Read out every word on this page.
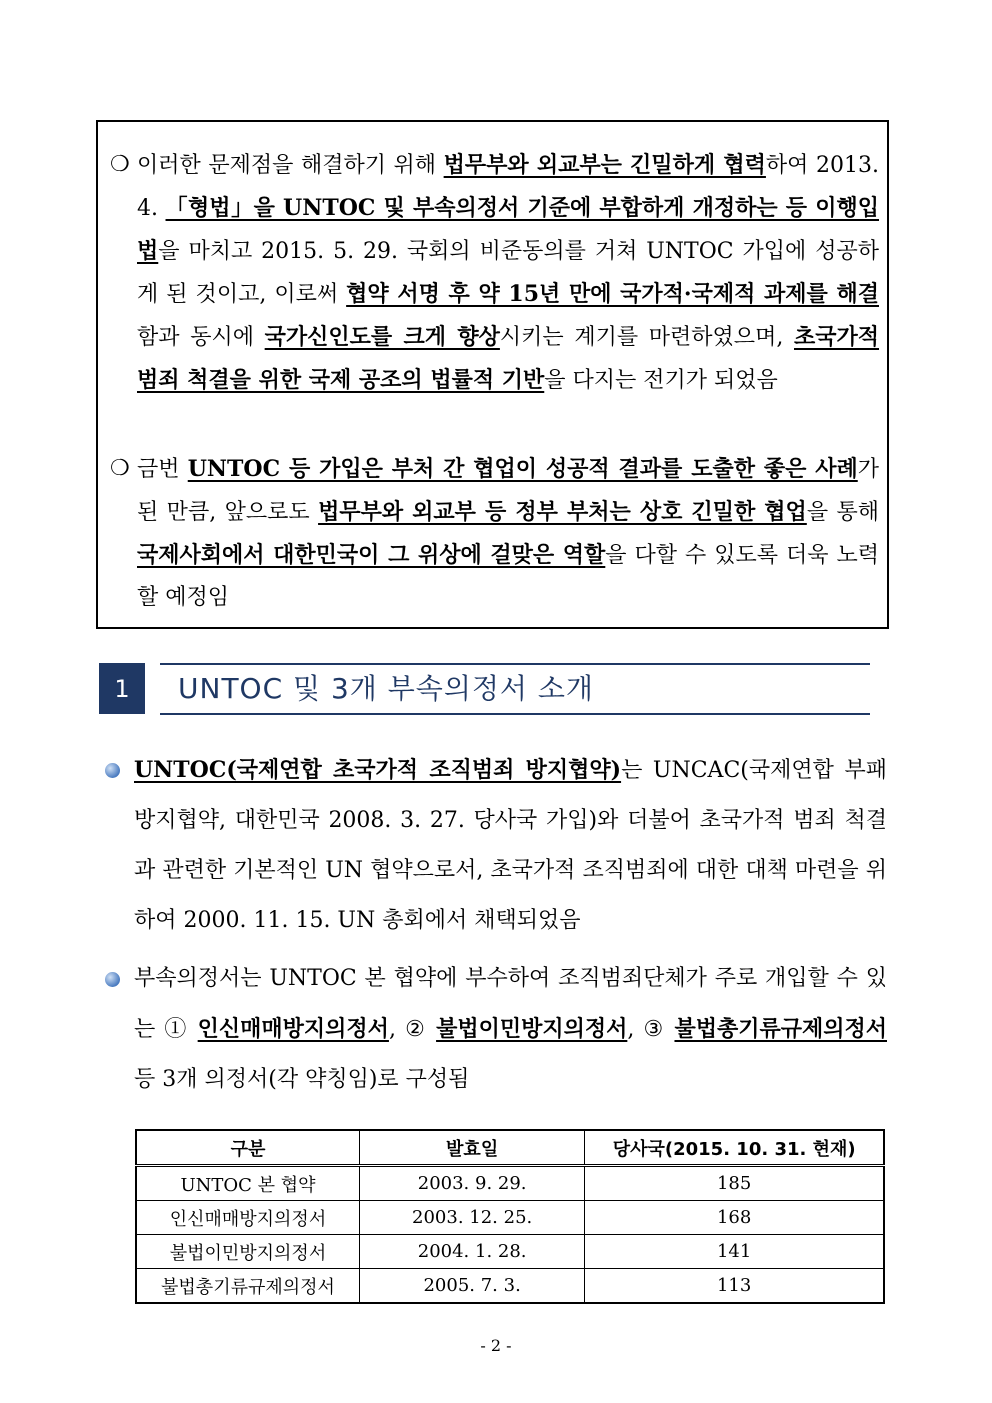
❍ 이러한 문제점을 해결하기 위해 법무부와 외교부는 긴밀하게 협력하여 2013. 4. 「형법」을 UNTOC 및 부속의정서 기준에 부합하게 개정하는 등 이행입법을 마치고 2015. 5. 29. 국회의 비준동의를 거쳐 UNTOC 가입에 성공하게 된 것이고, 이로써 협약 서명 후 약 15년 만에 국가적·국제적 과제를 해결함과 동시에 국가신인도를 크게 향상시키는 계기를 마련하였으며, 초국가적 범죄 척결을 위한 국제 공조의 법률적 기반을 다지는 전기가 되었음
❍ 금번 UNTOC 등 가입은 부처 간 협업이 성공적 결과를 도출한 좋은 사례가 된 만큼, 앞으로도 법무부와 외교부 등 정부 부처는 상호 긴밀한 협업을 통해 국제사회에서 대한민국이 그 위상에 걸맞은 역할을 다할 수 있도록 더욱 노력할 예정임
1	UNTOC 및 3개 부속의정서 소개
UNTOC(국제연합 초국가적 조직범죄 방지협약)는 UNCAC(국제연합 부패방지협약, 대한민국 2008. 3. 27. 당사국 가입)와 더불어 초국가적 범죄 척결과 관련한 기본적인 UN 협약으로서, 초국가적 조직범죄에 대한 대책 마련을 위하여 2000. 11. 15. UN 총회에서 채택되었음
부속의정서는 UNTOC 본 협약에 부수하여 조직범죄단체가 주로 개입할 수 있는 ① 인신매매방지의정서, ② 불법이민방지의정서, ③ 불법총기류규제의정서 등 3개 의정서(각 약칭임)로 구성됨
구분	발효일	당사국(2015. 10. 31. 현재)
UNTOC 본 협약	2003. 9. 29.	185
인신매매방지의정서	2003. 12. 25.	168
불법이민방지의정서	2004. 1. 28.	141
불법총기류규제의정서	2005. 7. 3.	113
- 2 -
